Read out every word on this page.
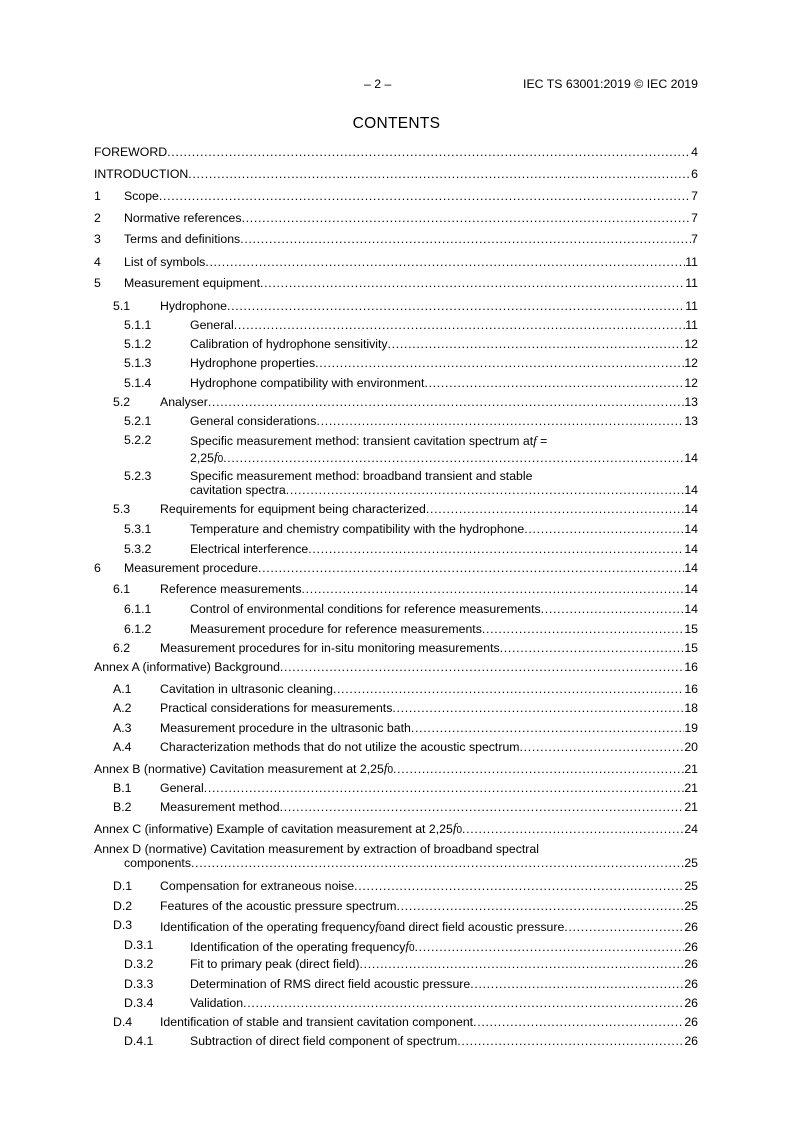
– 2 –	IEC TS 63001:2019 © IEC 2019
CONTENTS
FOREWORD .....	4
INTRODUCTION .....	6
1 Scope .....	7
2 Normative references .....	7
3 Terms and definitions .....	7
4 List of symbols .....	11
5 Measurement equipment .....	11
5.1 Hydrophone .....	11
5.1.1	General .....	11
5.1.2	Calibration of hydrophone sensitivity .....	12
5.1.3	Hydrophone properties .....	12
5.1.4	Hydrophone compatibility with environment .....	12
5.2 Analyser .....	13
5.2.1	General considerations .....	13
5.2.2	Specific measurement method: transient cavitation spectrum atf =
2,25 f 0 .....	14
5.2.3	Specific measurement method: broadband transient and stable
cavitation spectra .....	14
5.3 Requirements for equipment being characterized .....	14
5.3.1	Temperature and chemistry compatibility with the hydrophone .....	14
5.3.2	Electrical interference .....	14
6 Measurement procedure .....	14
6.1 Reference measurements .....	14
6.1.1	Control of environmental conditions for reference measurements .....	14
6.1.2	Measurement procedure for reference measurements .....	15
6.2 Measurement procedures for in-situ monitoring measurements .....	15
Annex A (informative) Background .....	16
A.1 Cavitation in ultrasonic cleaning .....	16
A.2 Practical considerations for measurements .....	18
A.3 Measurement procedure in the ultrasonic bath .....	19
A.4 Characterization methods that do not utilize the acoustic spectrum .....	20
Annex B (normative) Cavitation measurement at 2,25 f 0 .....	21
B.1 General .....	21
B.2 Measurement method .....	21
Annex C (informative) Example of cavitation measurement at 2,25 f 0 .....	24
Annex D (normative) Cavitation measurement by extraction of broadband spectral
components .....	25
D.1 Compensation for extraneous noise .....	25
D.2 Features of the acoustic pressure spectrum .....	25
D.3 Identification of the operating frequency f 0 and direct field acoustic pressure .....	26
D.3.1	Identification of the operating frequency f 0 .....	26
D.3.2	Fit to primary peak (direct field) .....	26
D.3.3	Determination of RMS direct field acoustic pressure .....	26
D.3.4	Validation .....	26
D.4 Identification of stable and transient cavitation component .....	26
D.4.1	Subtraction of direct field component of spectrum .....	26
